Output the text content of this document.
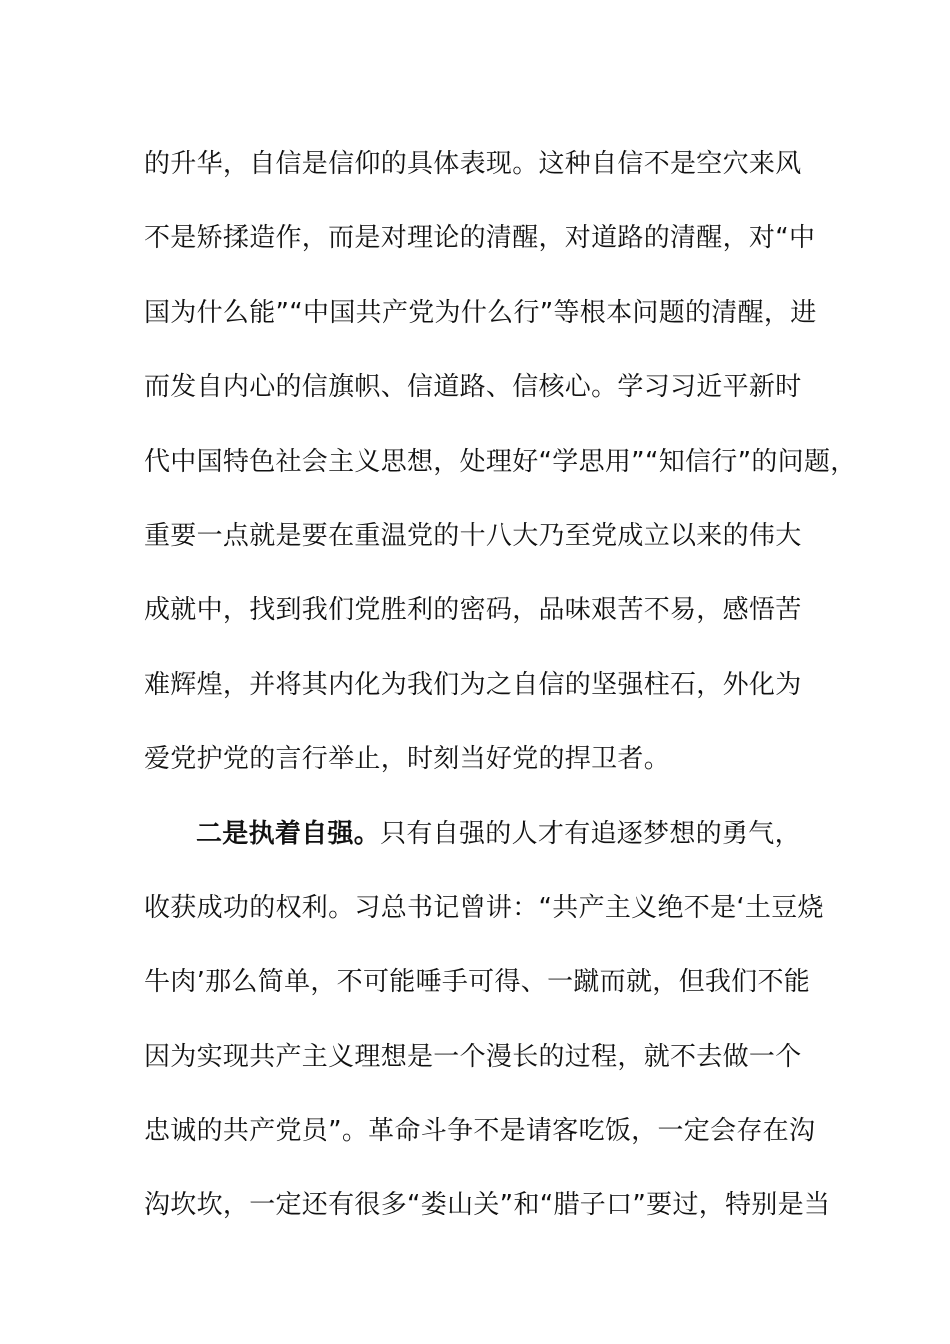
的升华，自信是信仰的具体表现。这种自信不是空穴来风
不是矫揉造作，而是对理论的清醒，对道路的清醒，对“中
国为什么能”“中国共产党为什么行”等根本问题的清醒，进
而发自内心的信旗帜、信道路、信核心。学习习近平新时
代中国特色社会主义思想，处理好“学思用”“知信行”的问题，
重要一点就是要在重温党的十八大乃至党成立以来的伟大
成就中，找到我们党胜利的密码，品味艰苦不易，感悟苦
难辉煌，并将其内化为我们为之自信的坚强柱石，外化为
爱党护党的言行举止，时刻当好党的捍卫者。
二是执着自强。只有自强的人才有追逐梦想的勇气，
收获成功的权利。习总书记曾讲：“共产主义绝不是‘土豆烧
牛肉’那么简单，不可能唾手可得、一蹴而就，但我们不能
因为实现共产主义理想是一个漫长的过程，就不去做一个
忠诚的共产党员”。革命斗争不是请客吃饭，一定会存在沟
沟坎坎，一定还有很多“娄山关”和“腊子口”要过，特别是当
